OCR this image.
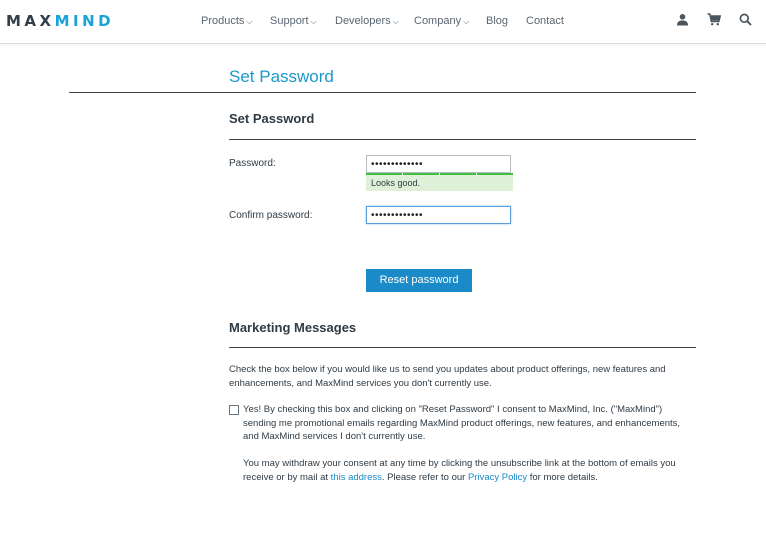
MAXMIND	Products ⌵ Support ⌵ Developers ⌵ Company ⌵ Blog Contact
Set Password
Set Password
Password:	•••••••••••••
Looks good.
Confirm password:	•••••••••••••
Reset password
Marketing Messages
Check the box below if you would like us to send you updates about product offerings, new features and enhancements, and MaxMind services you don't currently use.
Yes! By checking this box and clicking on "Reset Password" I consent to MaxMind, Inc. ("MaxMind") sending me promotional emails regarding MaxMind product offerings, new features, and enhancements, and MaxMind services I don't currently use.
You may withdraw your consent at any time by clicking the unsubscribe link at the bottom of emails you receive or by mail at this address. Please refer to our Privacy Policy for more details.
